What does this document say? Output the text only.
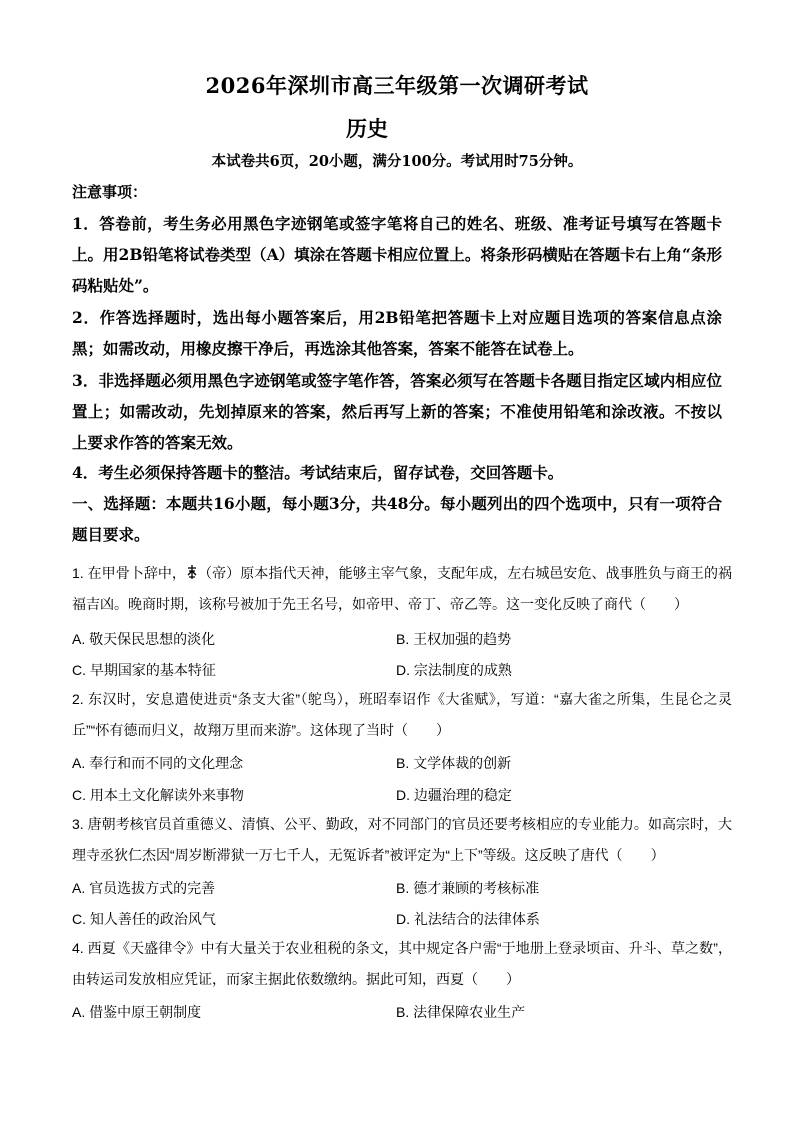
2026年深圳市高三年级第一次调研考试
历史
本试卷共6页，20小题，满分100分。考试用时75分钟。
注意事项：
1．答卷前，考生务必用黑色字迹钢笔或签字笔将自己的姓名、班级、准考证号填写在答题卡上。用2B铅笔将试卷类型（A）填涂在答题卡相应位置上。将条形码横贴在答题卡右上角“条形码粘贴处”。
2．作答选择题时，选出每小题答案后，用2B铅笔把答题卡上对应题目选项的答案信息点涂黑；如需改动，用橡皮擦干净后，再选涂其他答案，答案不能答在试卷上。
3．非选择题必须用黑色字迹钢笔或签字笔作答，答案必须写在答题卡各题目指定区域内相应位置上；如需改动，先划掉原来的答案，然后再写上新的答案；不准使用铅笔和涂改液。不按以上要求作答的答案无效。
4．考生必须保持答题卡的整洁。考试结束后，留存试卷，交回答题卡。
一、选择题：本题共16小题，每小题3分，共48分。每小题列出的四个选项中，只有一项符合题目要求。
1. 在甲骨卜辞中， （帝）原本指代天神，能够主宰气象，支配年成，左右城邑安危、战事胜负与商王的祸福吉凶。晚商时期，该称号被加于先王名号，如帝甲、帝丁、帝乙等。这一变化反映了商代（　　）
A. 敬天保民思想的淡化	B. 王权加强的趋势
C. 早期国家的基本特征	D. 宗法制度的成熟
2. 东汉时，安息遣使进贡“条支大雀”（鸵鸟），班昭奉诏作《大雀赋》，写道：“嘉大雀之所集，生昆仑之灵丘”“怀有德而归义，故翔万里而来游”。这体现了当时（　　）
A. 奉行和而不同的文化理念	B. 文学体裁的创新
C. 用本土文化解读外来事物	D. 边疆治理的稳定
3. 唐朝考核官员首重德义、清慎、公平、勤政，对不同部门的官员还要考核相应的专业能力。如高宗时，大理寺丞狄仁杰因“周岁断滞狱一万七千人，无冤诉者”被评定为“上下”等级。这反映了唐代（　　）
A. 官员选拔方式的完善	B. 德才兼顾的考核标准
C. 知人善任的政治风气	D. 礼法结合的法律体系
4. 西夏《天盛律令》中有大量关于农业租税的条文，其中规定各户需“于地册上登录顷亩、升斗、草之数”，由转运司发放相应凭证，而家主据此依数缴纳。据此可知，西夏（　　）
A. 借鉴中原王朝制度	B. 法律保障农业生产
